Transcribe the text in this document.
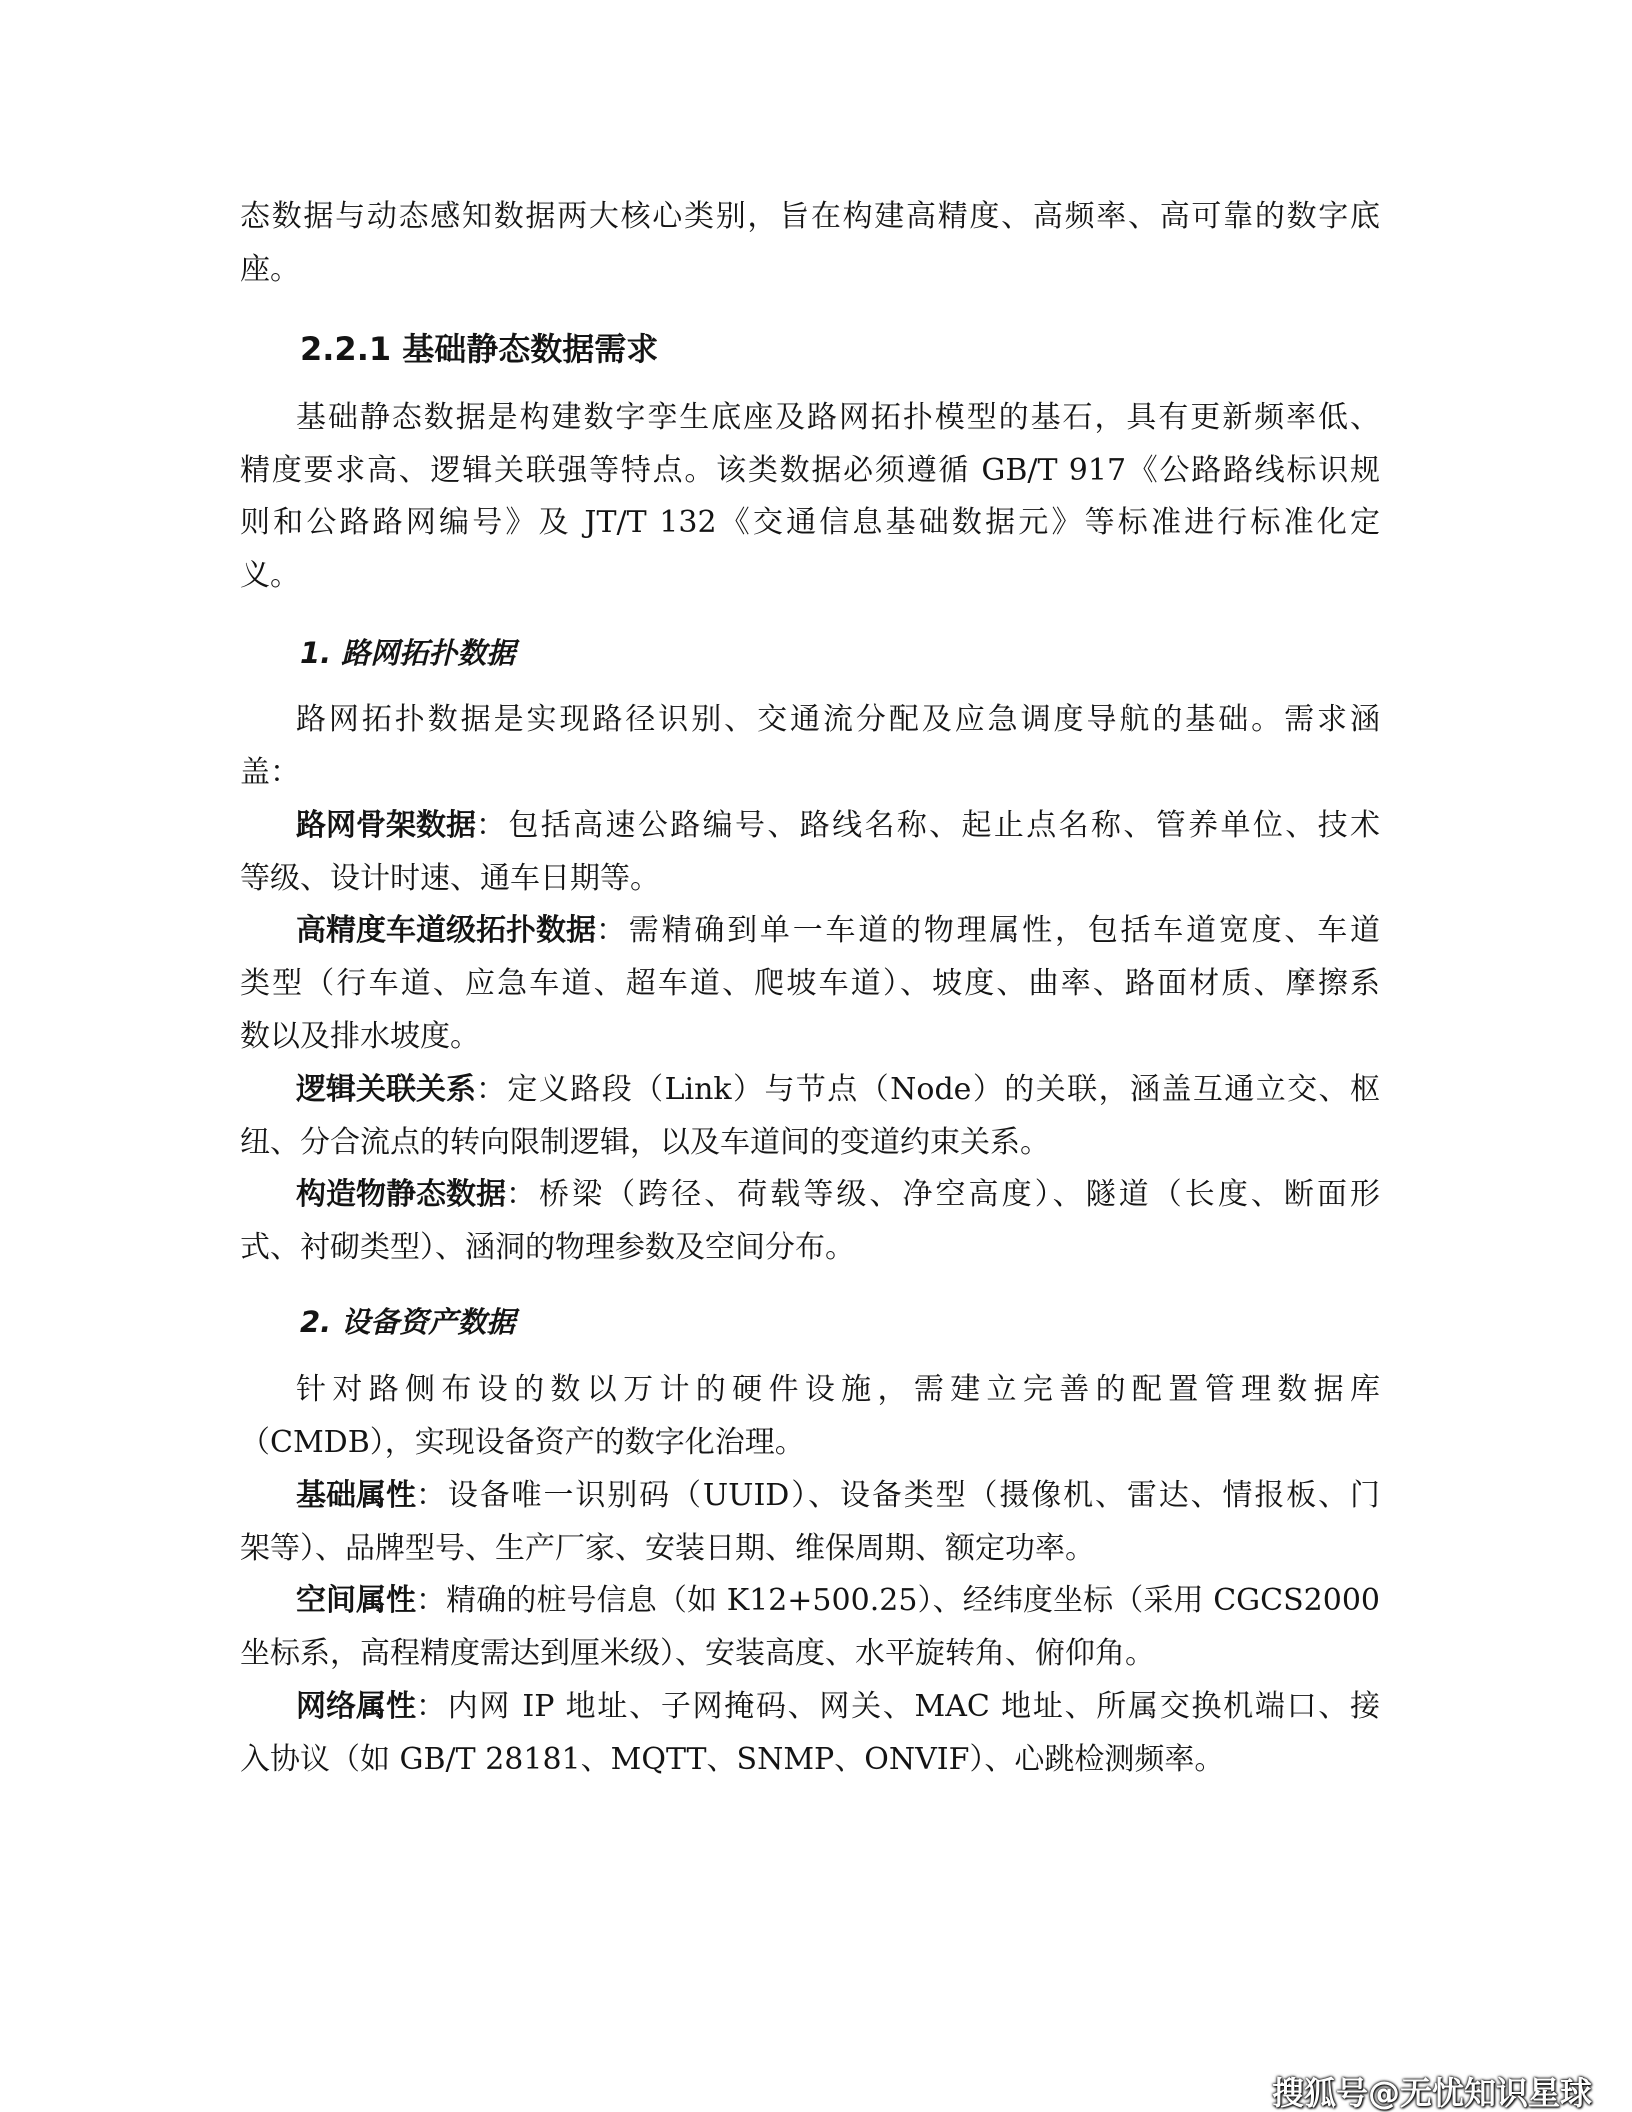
态数据与动态感知数据两大核心类别，旨在构建高精度、高频率、高可靠的数字底
座。
2.2.1 基础静态数据需求
基础静态数据是构建数字孪生底座及路网拓扑模型的基石，具有更新频率低、
精度要求高、逻辑关联强等特点。该类数据必须遵循 GB/T 917《公路路线标识规
则和公路路网编号》及 JT/T 132《交通信息基础数据元》等标准进行标准化定
义。
1. 路网拓扑数据
路网拓扑数据是实现路径识别、交通流分配及应急调度导航的基础。需求涵
盖：
路网骨架数据 ：包括高速公路编号、路线名称、起止点名称、管养单位、技术
等级、设计时速、通车日期等。
高精度车道级拓扑数据 ：需精确到单一车道的物理属性，包括车道宽度、车道
类型（行车道、应急车道、超车道、爬坡车道）、坡度、曲率、路面材质、摩擦系
数以及排水坡度。
逻辑关联关系 ：定义路段（Link）与节点（Node）的关联，涵盖互通立交、枢
纽、分合流点的转向限制逻辑，以及车道间的变道约束关系。
构造物静态数据 ：桥梁（跨径、荷载等级、净空高度）、隧道（长度、断面形
式、衬砌类型）、涵洞的物理参数及空间分布。
2. 设备资产数据
针对路侧布设的数以万计的硬件设施，需建立完善的配置管理数据库
（CMDB），实现设备资产的数字化治理。
基础属性 ：设备唯一识别码（UUID）、设备类型（摄像机、雷达、情报板、门
架等）、品牌型号、生产厂家、安装日期、维保周期、额定功率。
空间属性 ：精确的桩号信息（如 K12+500.25）、经纬度坐标（采用 CGCS2000
坐标系，高程精度需达到厘米级）、安装高度、水平旋转角、俯仰角。
网络属性 ：内网 IP 地址、子网掩码、网关、MAC 地址、所属交换机端口、接
入协议（如 GB/T 28181、MQTT、SNMP、ONVIF）、心跳检测频率。
搜狐号@无忧知识星球
